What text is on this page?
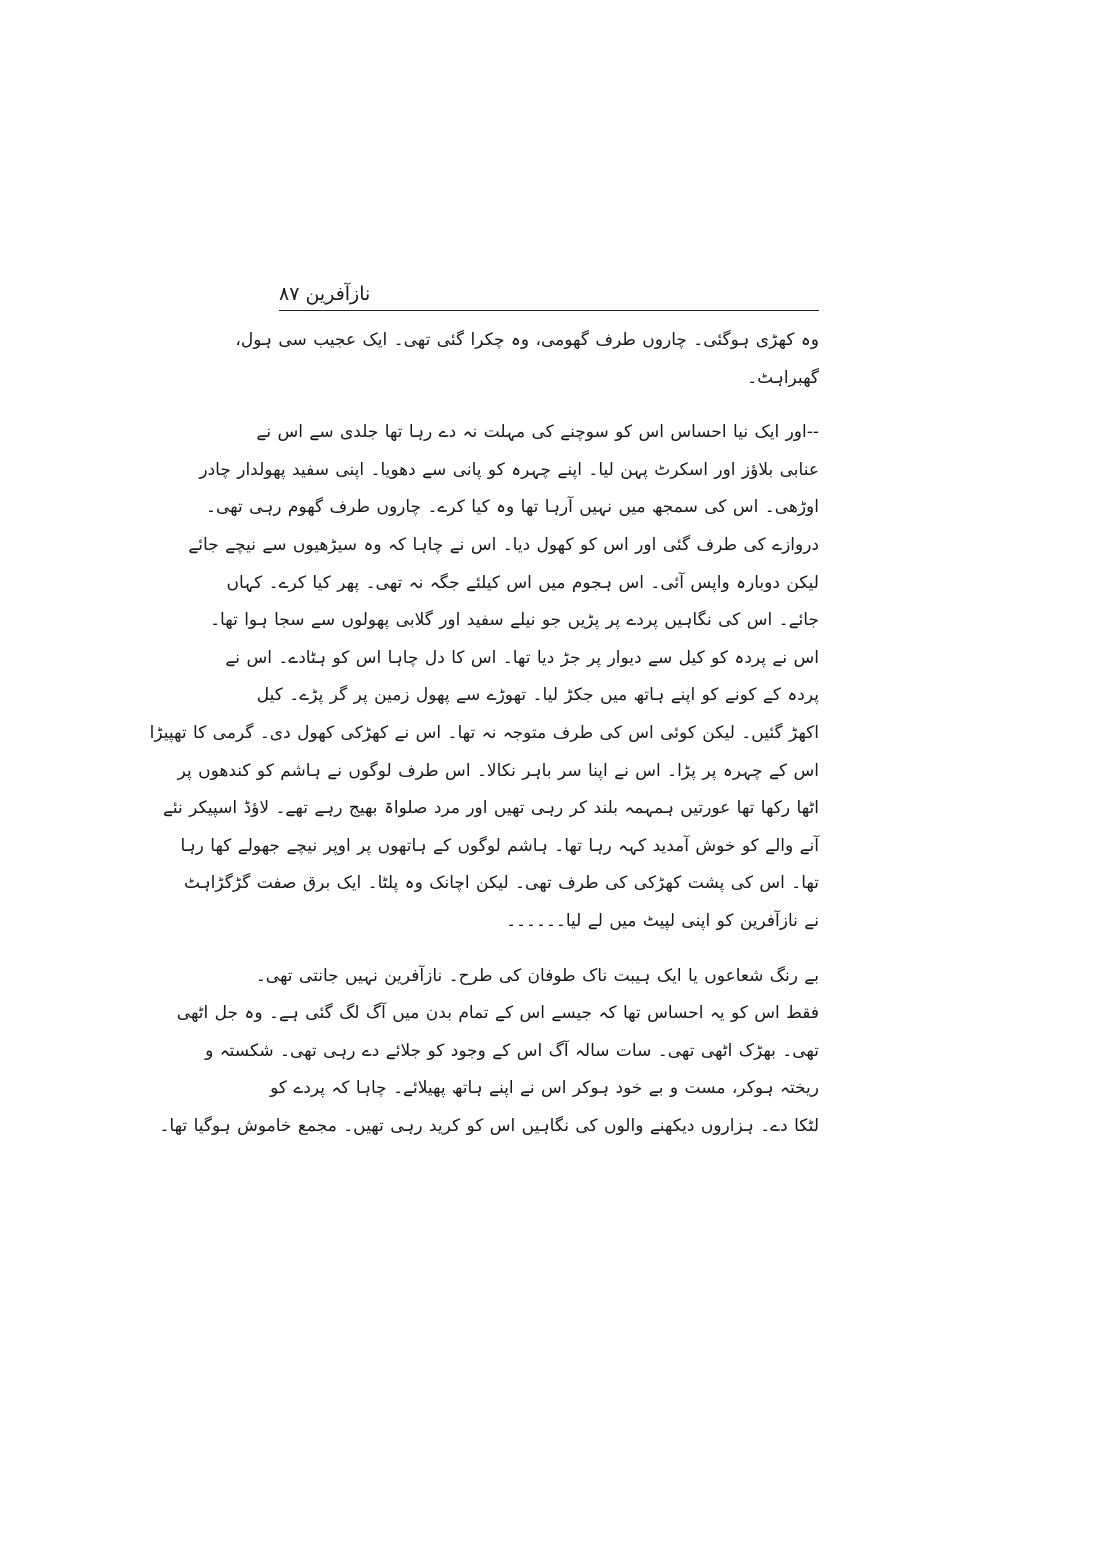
نازآفرین ۸۷
وہ کھڑی ہوگئی۔ چاروں طرف گھومی، وہ چکرا گئی تھی۔ ایک عجیب سی ہول،
گھبراہٹ۔
--اور ایک نیا احساس اس کو سوچنے کی مہلت نہ دے رہا تھا جلدی سے اس نے
عنابی بلاؤز اور اسکرٹ پہن لیا۔ اپنے چہرہ کو پانی سے دھویا۔ اپنی سفید پھولدار چادر
اوڑھی۔ اس کی سمجھ میں نہیں آرہا تھا وہ کیا کرے۔ چاروں طرف گھوم رہی تھی۔
دروازے کی طرف گئی اور اس کو کھول دیا۔ اس نے چاہا کہ وہ سیڑھیوں سے نیچے جائے
لیکن دوبارہ واپس آئی۔ اس ہجوم میں اس کیلئے جگہ نہ تھی۔ پھر کیا کرے۔ کہاں
جائے۔ اس کی نگاہیں پردے پر پڑیں جو نیلے سفید اور گلابی پھولوں سے سجا ہوا تھا۔
اس نے پردہ کو کیل سے دیوار پر جڑ دیا تھا۔ اس کا دل چاہا اس کو ہٹادے۔ اس نے
پردہ کے کونے کو اپنے ہاتھ میں جکڑ لیا۔ تھوڑے سے پھول زمین پر گر پڑے۔ کیل
اکھڑ گئیں۔ لیکن کوئی اس کی طرف متوجہ نہ تھا۔ اس نے کھڑکی کھول دی۔ گرمی کا تھپیڑا
اس کے چہرہ پر پڑا۔ اس نے اپنا سر باہر نکالا۔ اس طرف لوگوں نے ہاشم کو کندھوں پر
اٹھا رکھا تھا عورتیں ہمہمہ بلند کر رہی تھیں اور مرد صلواۃ بھیج رہے تھے۔ لاؤڈ اسپیکر نئے
آنے والے کو خوش آمدید کہہ رہا تھا۔ ہاشم لوگوں کے ہاتھوں پر اوپر نیچے جھولے کھا رہا
تھا۔ اس کی پشت کھڑکی کی طرف تھی۔ لیکن اچانک وہ پلٹا۔ ایک برق صفت گڑگڑاہٹ
نے نازآفرین کو اپنی لپیٹ میں لے لیا۔۔۔۔۔۔
بے رنگ شعاعوں یا ایک ہیبت ناک طوفان کی طرح۔ نازآفرین نہیں جانتی تھی۔
فقط اس کو یہ احساس تھا کہ جیسے اس کے تمام بدن میں آگ لگ گئی ہے۔ وہ جل اٹھی
تھی۔ بھڑک اٹھی تھی۔ سات سالہ آگ اس کے وجود کو جلائے دے رہی تھی۔ شکستہ و
ریختہ ہوکر، مست و بے خود ہوکر اس نے اپنے ہاتھ پھیلائے۔ چاہا کہ پردے کو
لٹکا دے۔ ہزاروں دیکھنے والوں کی نگاہیں اس کو کرید رہی تھیں۔ مجمع خاموش ہوگیا تھا۔
